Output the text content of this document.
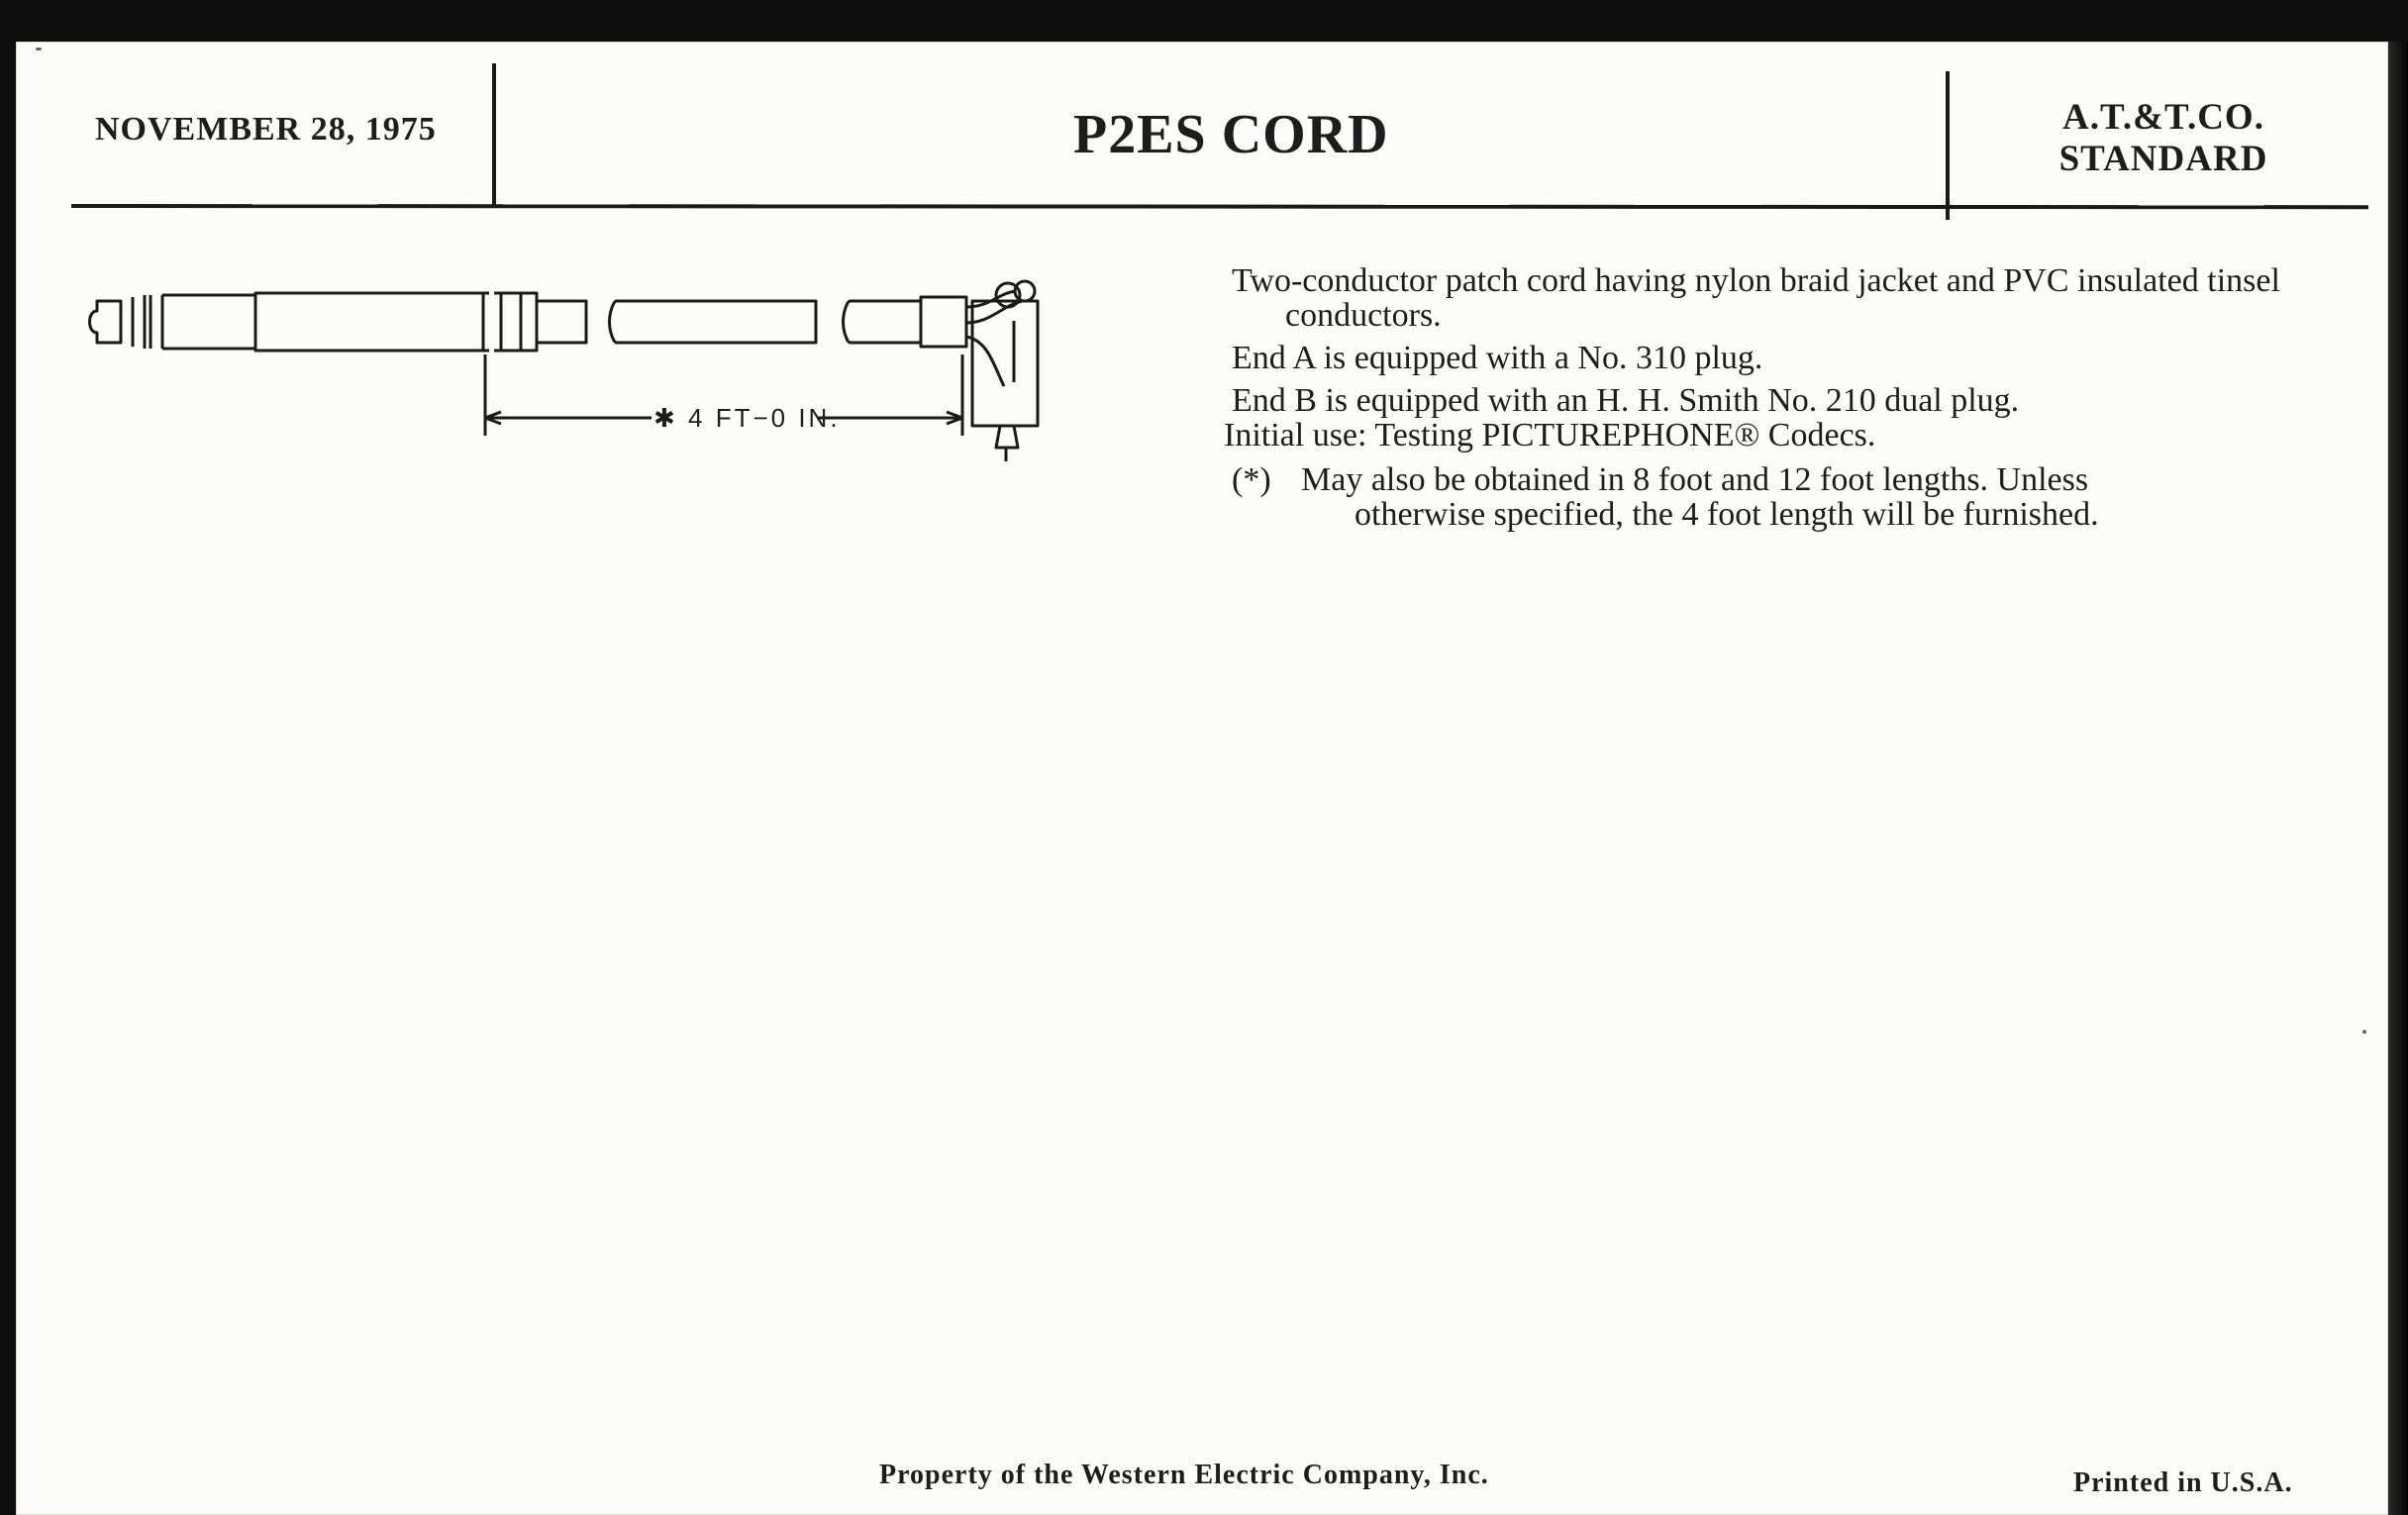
NOVEMBER 28, 1975	P2ES CORD	A.T.&T.CO.
STANDARD
✱ 4 FT−0 IN.
Two-conductor patch cord having nylon braid jacket and PVC insulated tinsel conductors.
End A is equipped with a No. 310 plug.
End B is equipped with an H. H. Smith No. 210 dual plug.
Initial use: Testing PICTUREPHONE® Codecs.
(*) May also be obtained in 8 foot and 12 foot lengths. Unless
otherwise specified, the 4 foot length will be furnished.
Property of the Western Electric Company, Inc.	Printed in U.S.A.
